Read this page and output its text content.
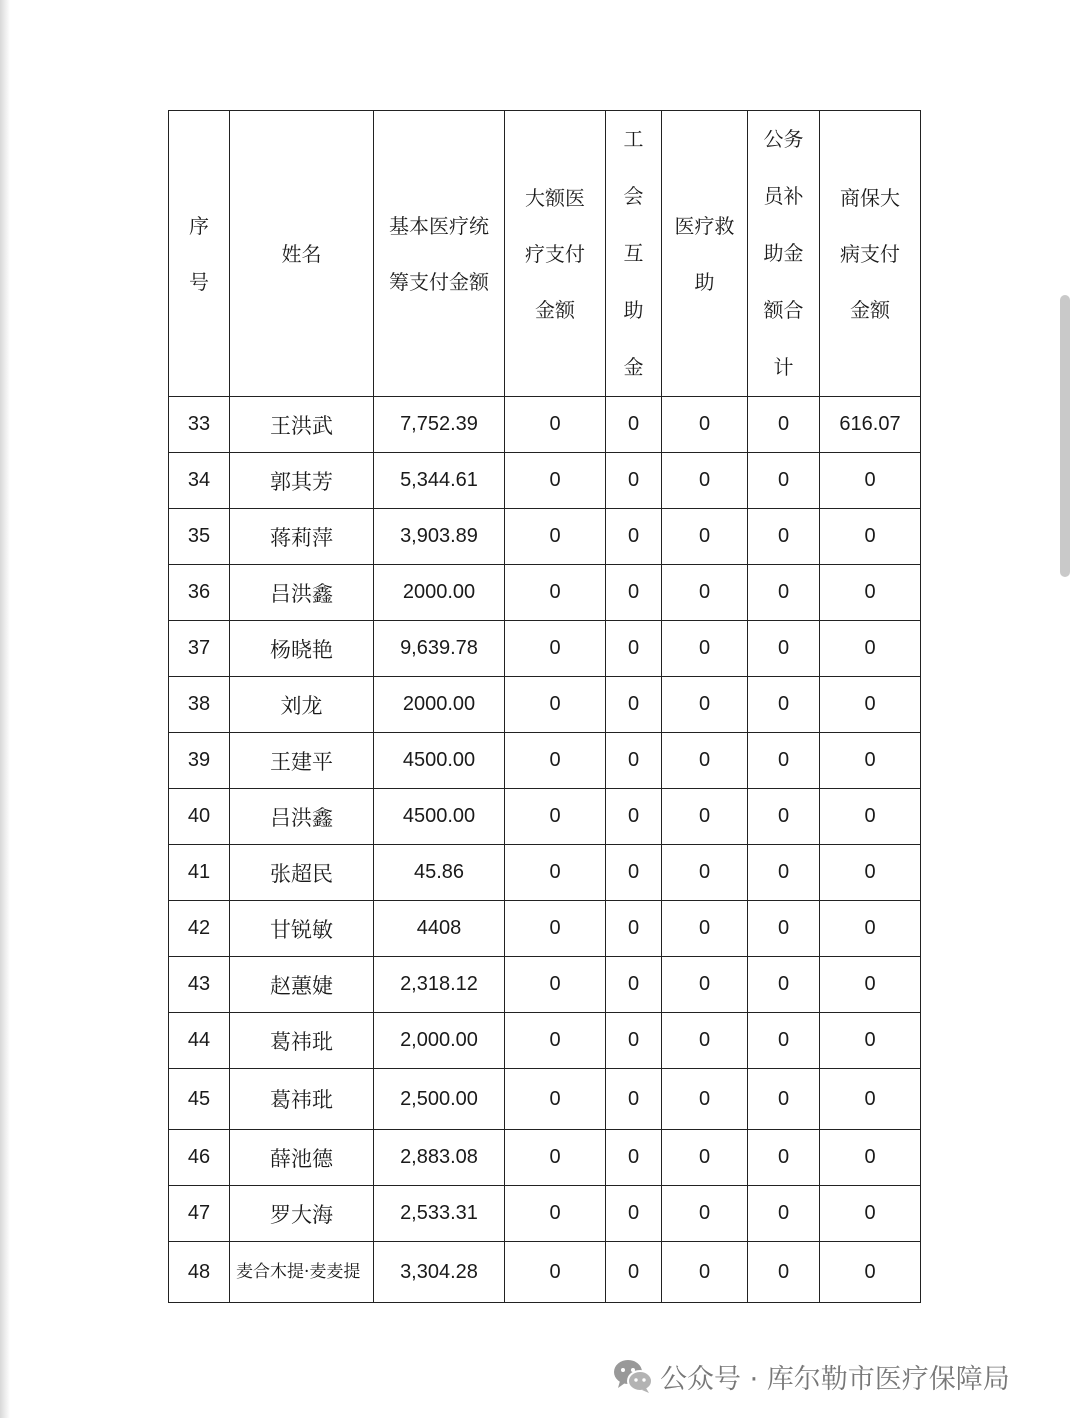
序号	姓名	基本医疗统筹支付金额	大额医疗支付金额	工会互助金	医疗救助	公务员补助金额合计	商保大病支付金额
33	王洪武	7,752.39	0	0	0	0	616.07
34	郭其芳	5,344.61	0	0	0	0	0
35	蒋莉萍	3,903.89	0	0	0	0	0
36	吕洪鑫	2000.00	0	0	0	0	0
37	杨晓艳	9,639.78	0	0	0	0	0
38	刘龙	2000.00	0	0	0	0	0
39	王建平	4500.00	0	0	0	0	0
40	吕洪鑫	4500.00	0	0	0	0	0
41	张超民	45.86	0	0	0	0	0
42	甘锐敏	4408	0	0	0	0	0
43	赵蕙婕	2,318.12	0	0	0	0	0
44	葛祎玭	2,000.00	0	0	0	0	0
45	葛祎玭	2,500.00	0	0	0	0	0
46	薛池德	2,883.08	0	0	0	0	0
47	罗大海	2,533.31	0	0	0	0	0
48	麦合木提·麦麦提	3,304.28	0	0	0	0	0
公众号 · 库尔勒市医疗保障局
